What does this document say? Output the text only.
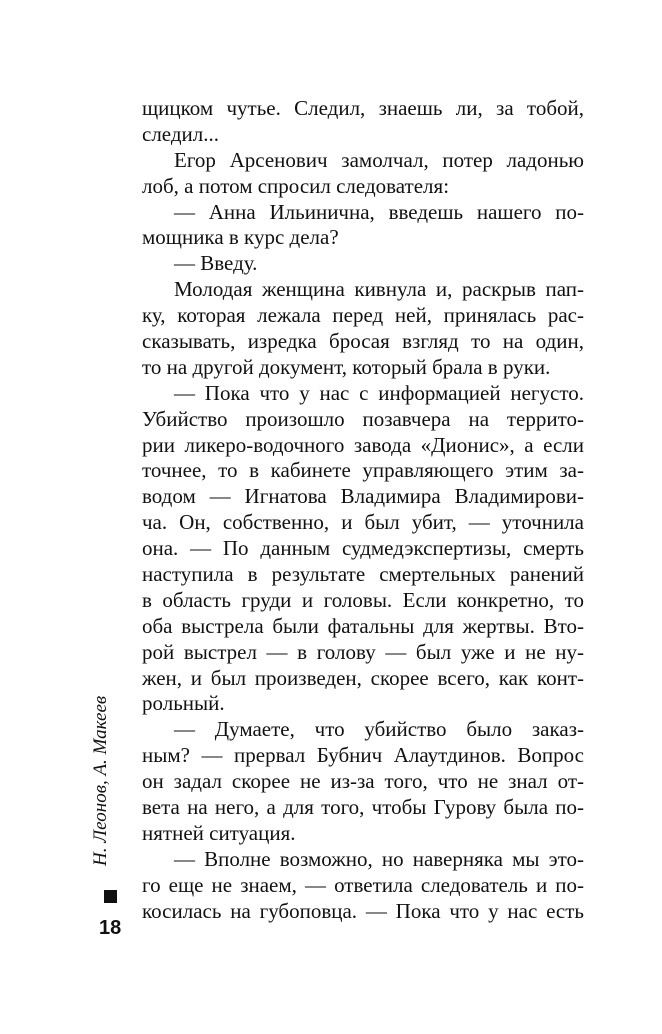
щицком чутье. Следил, знаешь ли, за тобой,
следил...
Егор Арсенович замолчал, потер ладонью
лоб, а потом спросил следователя:
— Анна Ильинична, введешь нашего по-
мощника в курс дела?
— Введу.
Молодая женщина кивнула и, раскрыв пап-
ку, которая лежала перед ней, принялась рас-
сказывать, изредка бросая взгляд то на один,
то на другой документ, который брала в руки.
— Пока что у нас с информацией негусто.
Убийство произошло позавчера на террито-
рии ликеро-водочного завода «Дионис», а если
точнее, то в кабинете управляющего этим за-
водом — Игнатова Владимира Владимирови-
ча. Он, собственно, и был убит, — уточнила
она. — По данным судмедэкспертизы, смерть
наступила в результате смертельных ранений
в область груди и головы. Если конкретно, то
оба выстрела были фатальны для жертвы. Вто-
рой выстрел — в голову — был уже и не ну-
жен, и был произведен, скорее всего, как конт-
рольный.
— Думаете, что убийство было заказ-
ным? — прервал Бубнич Алаутдинов. Вопрос
он задал скорее не из-за того, что не знал от-
вета на него, а для того, чтобы Гурову была по-
нятней ситуация.
— Вполне возможно, но наверняка мы это-
го еще не знаем, — ответила следователь и по-
косилась на губоповца. — Пока что у нас есть
Н. Леонов, А. Макеев
18
